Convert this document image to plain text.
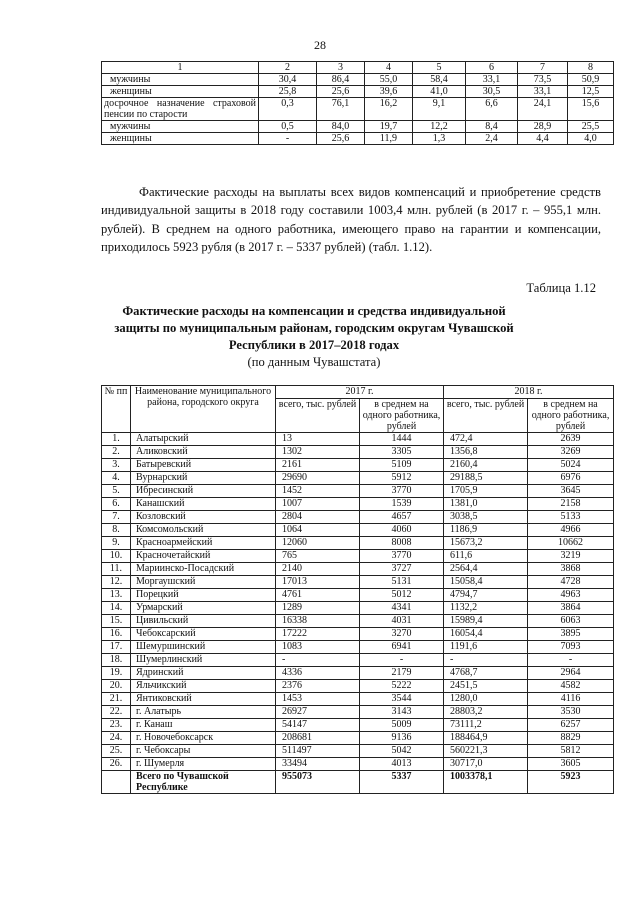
28
1	2	3	4	5	6	7	8
мужчины	30,4	86,4	55,0	58,4	33,1	73,5	50,9
женщины	25,8	25,6	39,6	41,0	30,5	33,1	12,5
досрочное назначение страховой пенсии по старости	0,3	76,1	16,2	9,1	6,6	24,1	15,6
мужчины	0,5	84,0	19,7	12,2	8,4	28,9	25,5
женщины	-	25,6	11,9	1,3	2,4	4,4	4,0
Фактические расходы на выплаты всех видов компенсаций и приобретение средств индивидуальной защиты в 2018 году составили 1003,4 млн. рублей (в 2017 г. – 955,1 млн. рублей). В среднем на одного работника, имеющего право на гарантии и компенсации, приходилось 5923 рубля (в 2017 г. – 5337 рублей) (табл. 1.12).
Таблица 1.12
Фактические расходы на компенсации и средства индивидуальной защиты по муниципальным районам, городским округам Чувашской Республики в 2017–2018 годах
(по данным Чувашстата)
№ пп	Наименование муниципального района, городского округа	2017 г.		2018 г.	
		всего, тыс. рублей	в среднем на одного работника, рублей	всего, тыс. рублей	в среднем на одного работника, рублей
1.	Алатырский	13	1444	472,4	2639
2.	Аликовский	1302	3305	1356,8	3269
3.	Батыревский	2161	5109	2160,4	5024
4.	Вурнарский	29690	5912	29188,5	6976
5.	Ибресинский	1452	3770	1705,9	3645
6.	Канашский	1007	1539	1381,0	2158
7.	Козловский	2804	4657	3038,5	5133
8.	Комсомольский	1064	4060	1186,9	4966
9.	Красноармейский	12060	8008	15673,2	10662
10.	Красночетайский	765	3770	611,6	3219
11.	Мариинско-Посадский	2140	3727	2564,4	3868
12.	Моргаушский	17013	5131	15058,4	4728
13.	Порецкий	4761	5012	4794,7	4963
14.	Урмарский	1289	4341	1132,2	3864
15.	Цивильский	16338	4031	15989,4	6063
16.	Чебоксарский	17222	3270	16054,4	3895
17.	Шемуршинский	1083	6941	1191,6	7093
18.	Шумерлинский	-	-	-	-
19.	Ядринский	4336	2179	4768,7	2964
20.	Яльчикский	2376	5222	2451,5	4582
21.	Янтиковский	1453	3544	1280,0	4116
22.	г. Алатырь	26927	3143	28803,2	3530
23.	г. Канаш	54147	5009	73111,2	6257
24.	г. Новочебоксарск	208681	9136	188464,9	8829
25.	г. Чебоксары	511497	5042	560221,3	5812
26.	г. Шумерля	33494	4013	30717,0	3605
	Всего по Чувашской Республике	955073	5337	1003378,1	5923
